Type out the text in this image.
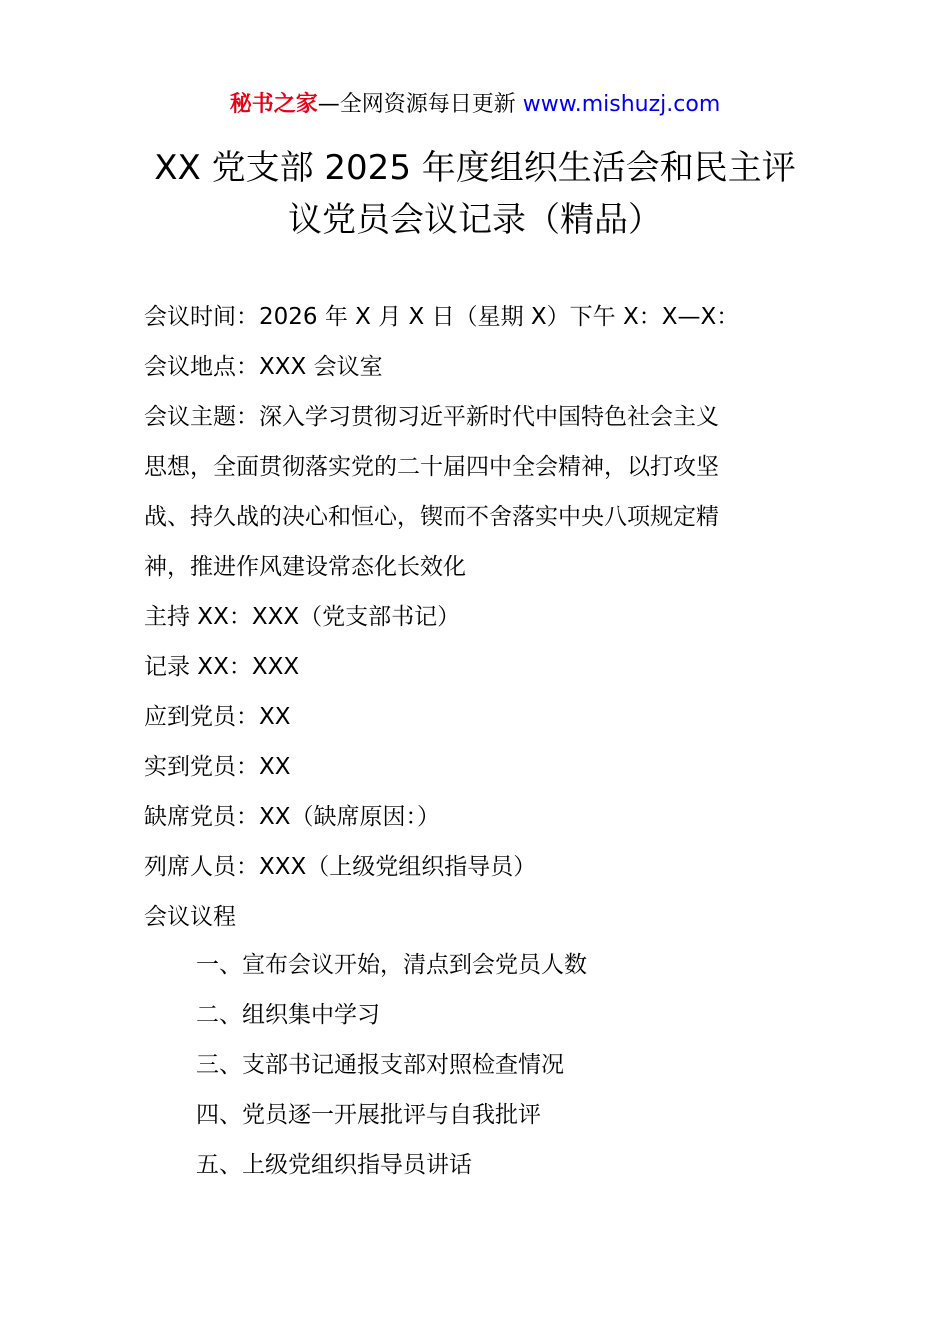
秘书之家—全网资源每日更新 www.mishuzj.com
XX 党支部 2025 年度组织生活会和民主评
议党员会议记录（精品）
会议时间：2026 年 X 月 X 日（星期 X）下午 X：X—X：
会议地点：XXX 会议室
会议主题：深入学习贯彻习近平新时代中国特色社会主义
思想，全面贯彻落实党的二十届四中全会精神，以打攻坚
战、持久战的决心和恒心，锲而不舍落实中央八项规定精
神，推进作风建设常态化长效化
主持 XX：XXX（党支部书记）
记录 XX：XXX
应到党员：XX
实到党员：XX
缺席党员：XX（缺席原因：）
列席人员：XXX（上级党组织指导员）
会议议程
一、宣布会议开始，清点到会党员人数
二、组织集中学习
三、支部书记通报支部对照检查情况
四、党员逐一开展批评与自我批评
五、上级党组织指导员讲话
